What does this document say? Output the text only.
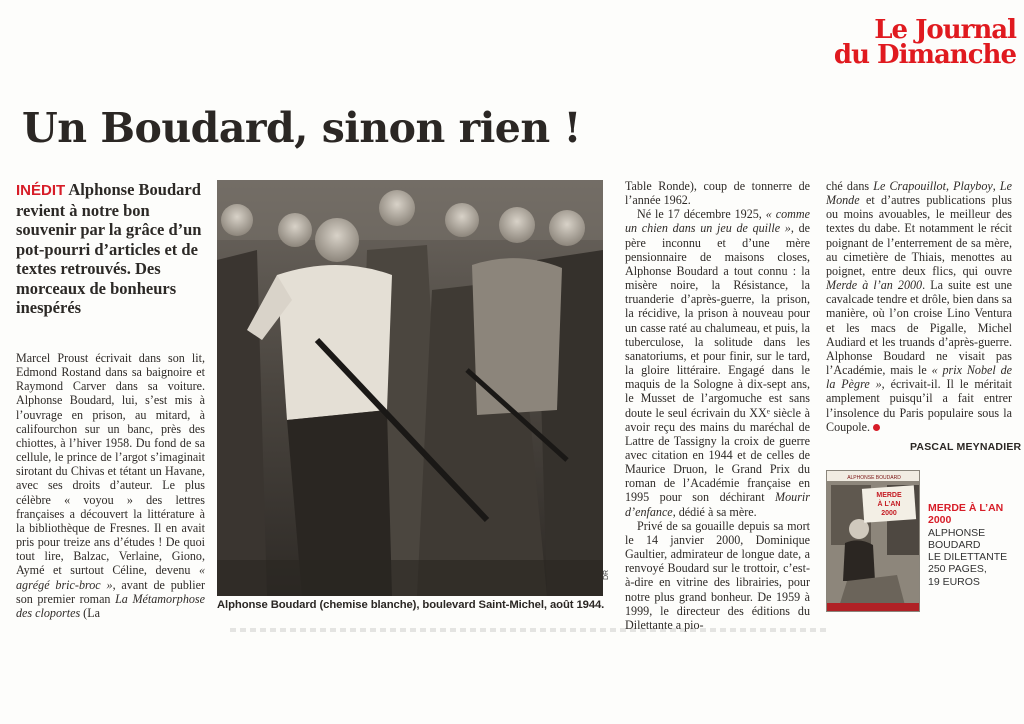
Le Journal
du Dimanche
Un Boudard, sinon rien !
INÉDIT Alphonse Boudard revient à notre bon souvenir par la grâce d’un pot-pourri d’articles et de textes retrouvés. Des morceaux de bonheurs inespérés

Marcel Proust écrivait dans son lit, Edmond Rostand dans sa baignoire et Raymond Carver dans sa voiture. Alphonse Boudard, lui, s’est mis à l’ouvrage en prison, au mitard, à califourchon sur un banc, près des chiottes, à l’hiver 1958. Du fond de sa cellule, le prince de l’argot s’imaginait sirotant du Chivas et tétant un Havane, avec ses droits d’auteur. Le plus célèbre « voyou » des lettres françaises a découvert la littérature à la bibliothèque de Fresnes. Il en avait pris pour treize ans d’études ! De quoi tout lire, Balzac, Verlaine, Giono, Aymé et surtout Céline, devenu « agrégé bric-broc », avant de publier son premier roman La Métamorphose des cloportes (La

DR
Alphonse Boudard (chemise blanche), boulevard Saint-Michel, août 1944.

Table Ronde), coup de tonnerre de l’année 1962.

Né le 17 décembre 1925, « comme un chien dans un jeu de quille », de père inconnu et d’une mère pensionnaire de maisons closes, Alphonse Boudard a tout connu : la misère noire, la Résistance, la truanderie d’après-guerre, la prison, la récidive, la prison à nouveau pour un casse raté au chalumeau, et puis, la tuberculose, la solitude dans les sanatoriums, et pour finir, sur le tard, la gloire littéraire. Engagé dans le maquis de la Sologne à dix-sept ans, le Musset de l’argomuche est sans doute le seul écrivain du XXᵉ siècle à avoir reçu des mains du maréchal de Lattre de Tassigny la croix de guerre avec citation en 1944 et de celles de Maurice Druon, le Grand Prix du roman de l’Académie française en 1995 pour son déchirant Mourir d’enfance, dédié à sa mère.

Privé de sa gouaille depuis sa mort le 14 janvier 2000, Dominique Gaultier, admirateur de longue date, a renvoyé Boudard sur le trottoir, c’est-à-dire en vitrine des librairies, pour notre plus grand bonheur. De 1959 à 1999, le directeur des éditions du Dilettante a pio-

ché dans Le Crapouillot, Playboy, Le Monde et d’autres publications plus ou moins avouables, le meilleur des textes du dabe. Et notamment le récit poignant de l’enterrement de sa mère, au cimetière de Thiais, menottes au poignet, entre deux flics, qui ouvre Merde à l’an 2000. La suite est une cavalcade tendre et drôle, bien dans sa manière, où l’on croise Lino Ventura et les macs de Pigalle, Michel Audiard et les truands d’après-guerre. Alphonse Boudard ne visait pas l’Académie, mais le « prix Nobel de la Pègre », écrivait-il. Il le méritait amplement puisqu’il a fait entrer l’insolence du Paris populaire sous la Coupole.

PASCAL MEYNADIER
ALPHONSE BOUDARD
MERDE
À L’AN
2000	MERDE À L’AN 2000
ALPHONSE BOUDARD
LE DILETTANTE
250 PAGES,
19 EUROS
